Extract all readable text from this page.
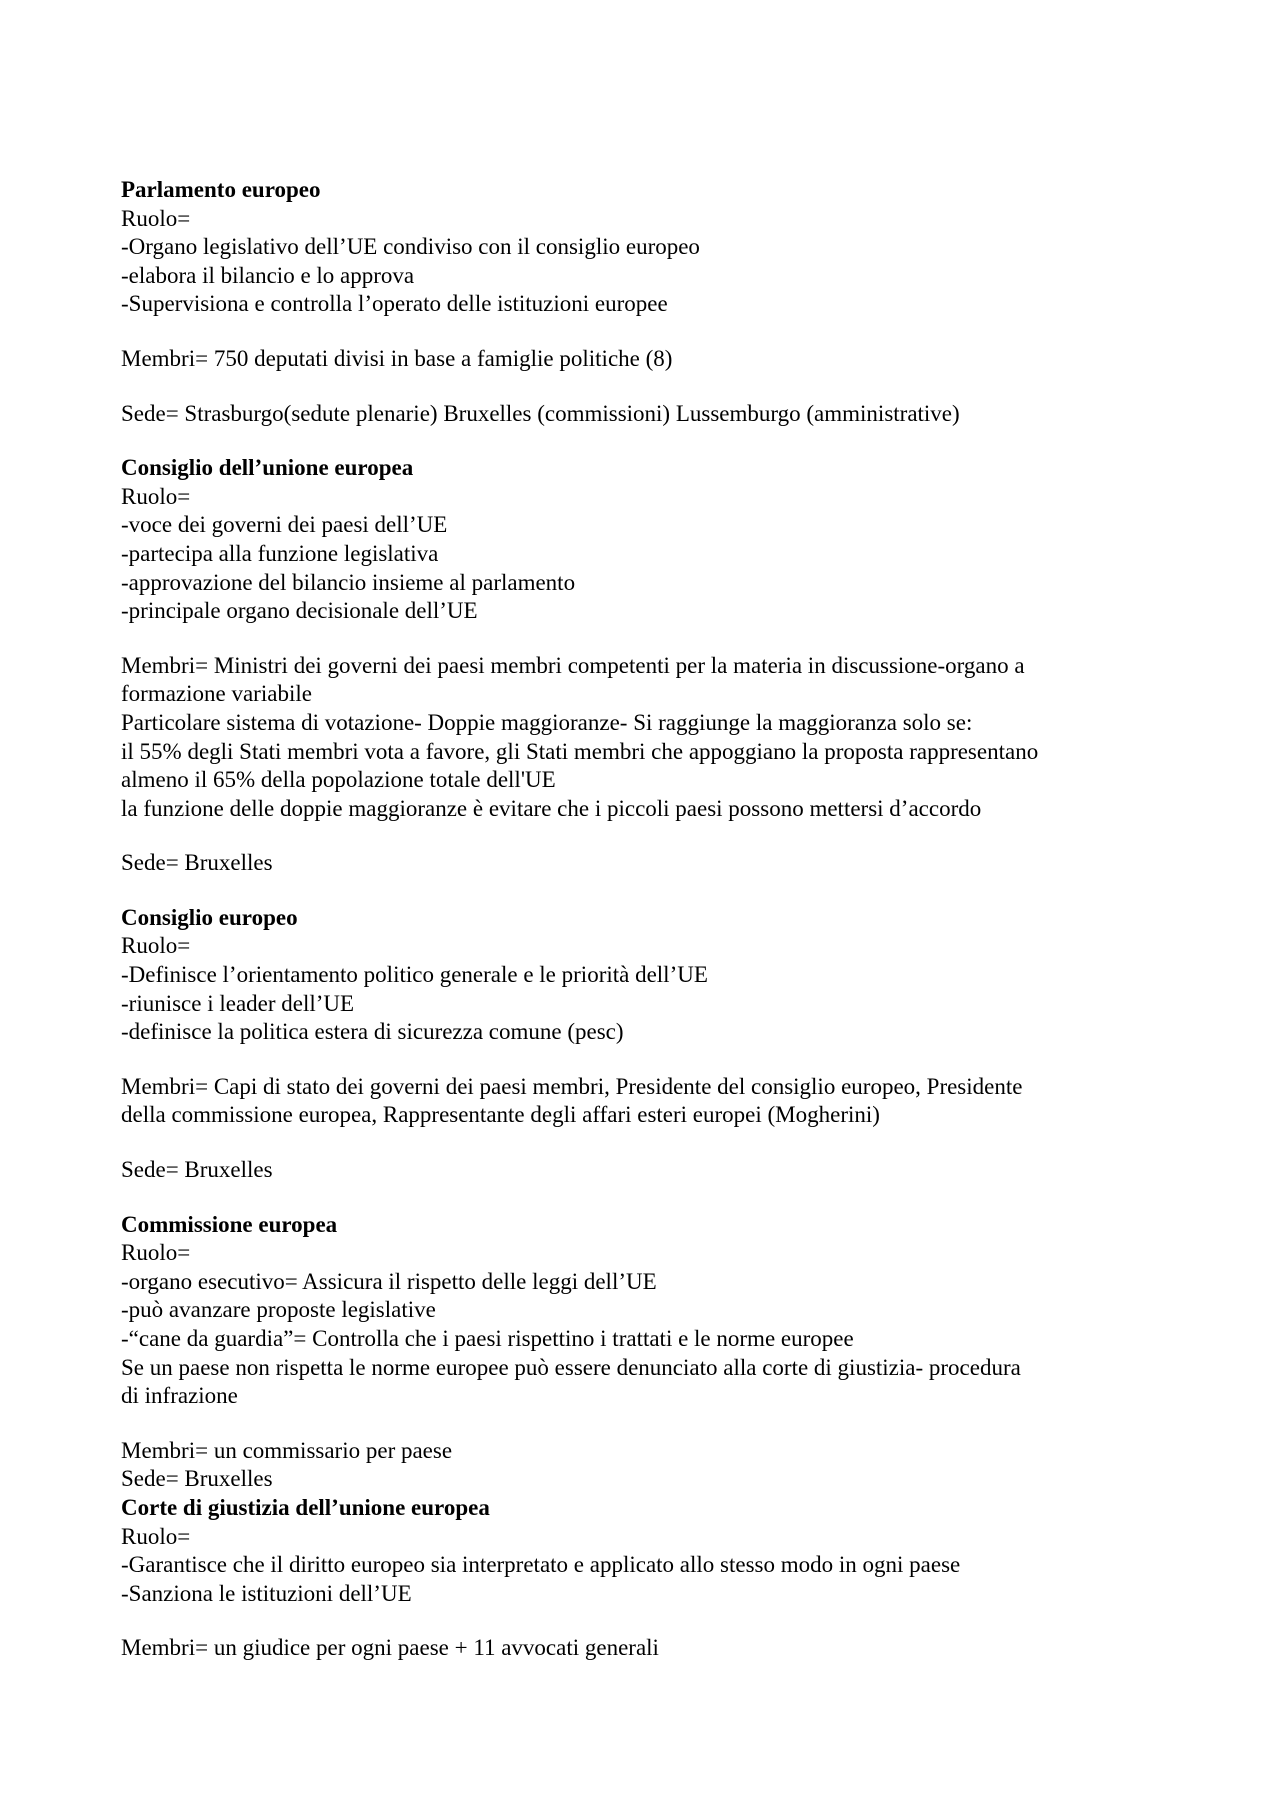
Parlamento europeo
Ruolo=
-Organo legislativo dell’UE condiviso con il consiglio europeo
-elabora il bilancio e lo approva
-Supervisiona e controlla l’operato delle istituzioni europee
Membri= 750 deputati divisi in base a famiglie politiche (8)
Sede= Strasburgo(sedute plenarie) Bruxelles (commissioni) Lussemburgo (amministrative)
Consiglio dell’unione europea
Ruolo=
-voce dei governi dei paesi dell’UE
-partecipa alla funzione legislativa
-approvazione del bilancio insieme al parlamento
-principale organo decisionale dell’UE
Membri= Ministri dei governi dei paesi membri competenti per la materia in discussione-organo a
formazione variabile
Particolare sistema di votazione- Doppie maggioranze- Si raggiunge la maggioranza solo se:
il 55% degli Stati membri vota a favore, gli Stati membri che appoggiano la proposta rappresentano
almeno il 65% della popolazione totale dell'UE
la funzione delle doppie maggioranze è evitare che i piccoli paesi possono mettersi d’accordo
Sede= Bruxelles
Consiglio europeo
Ruolo=
-Definisce l’orientamento politico generale e le priorità dell’UE
-riunisce i leader dell’UE
-definisce la politica estera di sicurezza comune (pesc)
Membri= Capi di stato dei governi dei paesi membri, Presidente del consiglio europeo, Presidente
della commissione europea, Rappresentante degli affari esteri europei (Mogherini)
Sede= Bruxelles
Commissione europea
Ruolo=
-organo esecutivo= Assicura il rispetto delle leggi dell’UE
-può avanzare proposte legislative
-“cane da guardia”= Controlla che i paesi rispettino i trattati e le norme europee
Se un paese non rispetta le norme europee può essere denunciato alla corte di giustizia- procedura
di infrazione
Membri= un commissario per paese
Sede= Bruxelles
Corte di giustizia dell’unione europea
Ruolo=
-Garantisce che il diritto europeo sia interpretato e applicato allo stesso modo in ogni paese
-Sanziona le istituzioni dell’UE
Membri= un giudice per ogni paese + 11 avvocati generali
